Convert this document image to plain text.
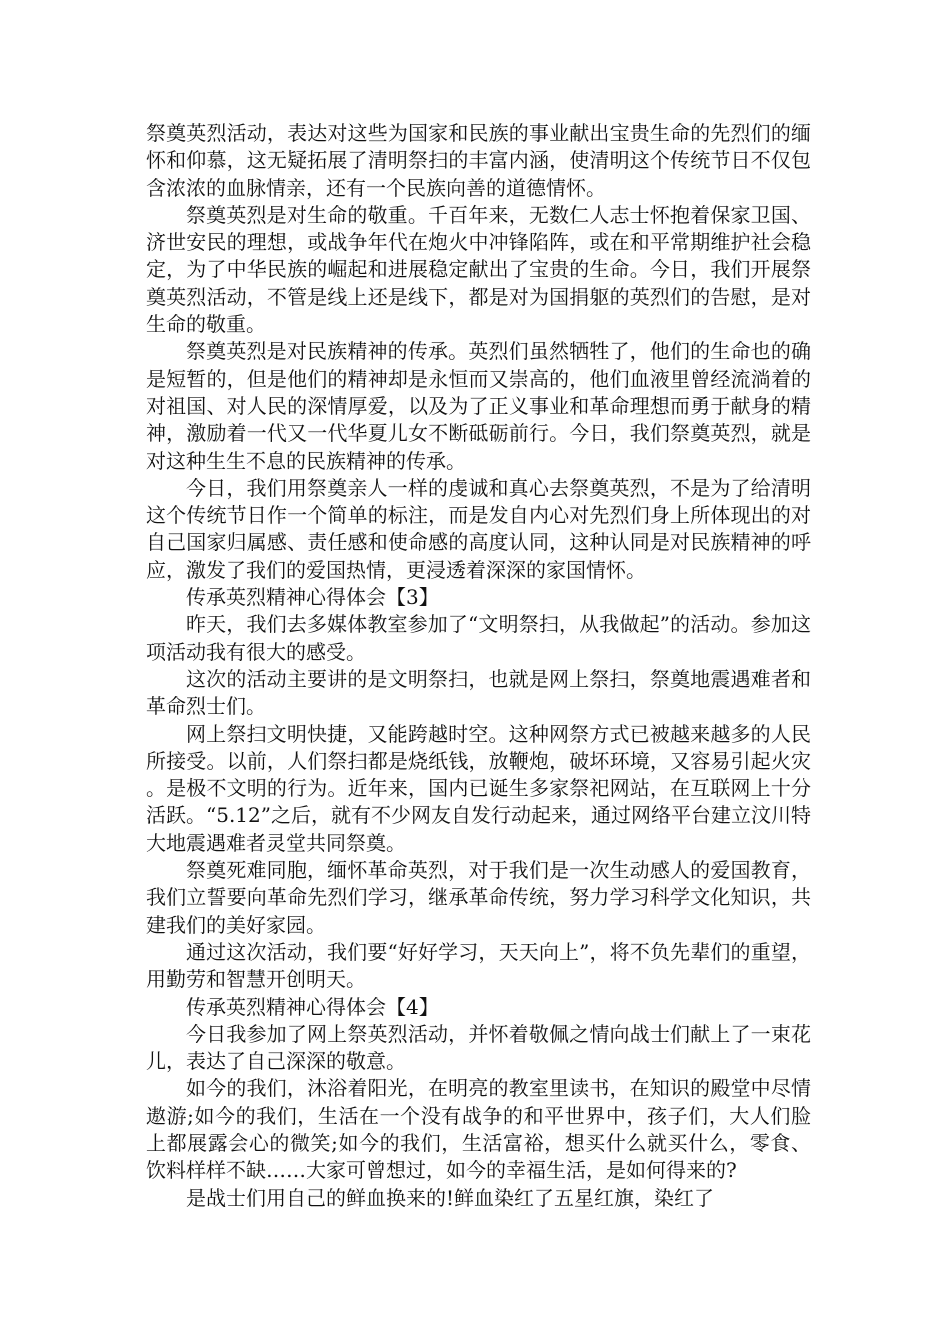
祭奠英烈活动，表达对这些为国家和民族的事业献出宝贵生命的先烈们的缅怀和仰慕，这无疑拓展了清明祭扫的丰富内涵，使清明这个传统节日不仅包含浓浓的血脉情亲，还有一个民族向善的道德情怀。

祭奠英烈是对生命的敬重。千百年来，无数仁人志士怀抱着保家卫国、济世安民的理想，或战争年代在炮火中冲锋陷阵，或在和平常期维护社会稳定，为了中华民族的崛起和进展稳定献出了宝贵的生命。今日，我们开展祭奠英烈活动，不管是线上还是线下，都是对为国捐躯的英烈们的告慰，是对生命的敬重。

祭奠英烈是对民族精神的传承。英烈们虽然牺牲了，他们的生命也的确是短暂的，但是他们的精神却是永恒而又崇高的，他们血液里曾经流淌着的对祖国、对人民的深情厚爱，以及为了正义事业和革命理想而勇于献身的精神，激励着一代又一代华夏儿女不断砥砺前行。今日，我们祭奠英烈，就是对这种生生不息的民族精神的传承。

今日，我们用祭奠亲人一样的虔诚和真心去祭奠英烈，不是为了给清明这个传统节日作一个简单的标注，而是发自内心对先烈们身上所体现出的对自己国家归属感、责任感和使命感的高度认同，这种认同是对民族精神的呼应，激发了我们的爱国热情，更浸透着深深的家国情怀。

传承英烈精神心得体会【3】

昨天，我们去多媒体教室参加了“文明祭扫，从我做起”的活动。参加这项活动我有很大的感受。

这次的活动主要讲的是文明祭扫，也就是网上祭扫，祭奠地震遇难者和革命烈士们。

网上祭扫文明快捷，又能跨越时空。这种网祭方式已被越来越多的人民所接受。以前，人们祭扫都是烧纸钱，放鞭炮，破坏环境，又容易引起火灾。是极不文明的行为。近年来，国内已诞生多家祭祀网站，在互联网上十分活跃。“5.12”之后，就有不少网友自发行动起来，通过网络平台建立汶川特大地震遇难者灵堂共同祭奠。

祭奠死难同胞，缅怀革命英烈，对于我们是一次生动感人的爱国教育，我们立誓要向革命先烈们学习，继承革命传统，努力学习科学文化知识，共建我们的美好家园。

通过这次活动，我们要“好好学习，天天向上”，将不负先辈们的重望，用勤劳和智慧开创明天。

传承英烈精神心得体会【4】

今日我参加了网上祭英烈活动，并怀着敬佩之情向战士们献上了一束花儿，表达了自己深深的敬意。

如今的我们，沐浴着阳光，在明亮的教室里读书，在知识的殿堂中尽情遨游;如今的我们，生活在一个没有战争的和平世界中，孩子们，大人们脸上都展露会心的微笑;如今的我们，生活富裕，想买什么就买什么，零食、饮料样样不缺……大家可曾想过，如今的幸福生活，是如何得来的?

是战士们用自己的鲜血换来的!鲜血染红了五星红旗，染红了
